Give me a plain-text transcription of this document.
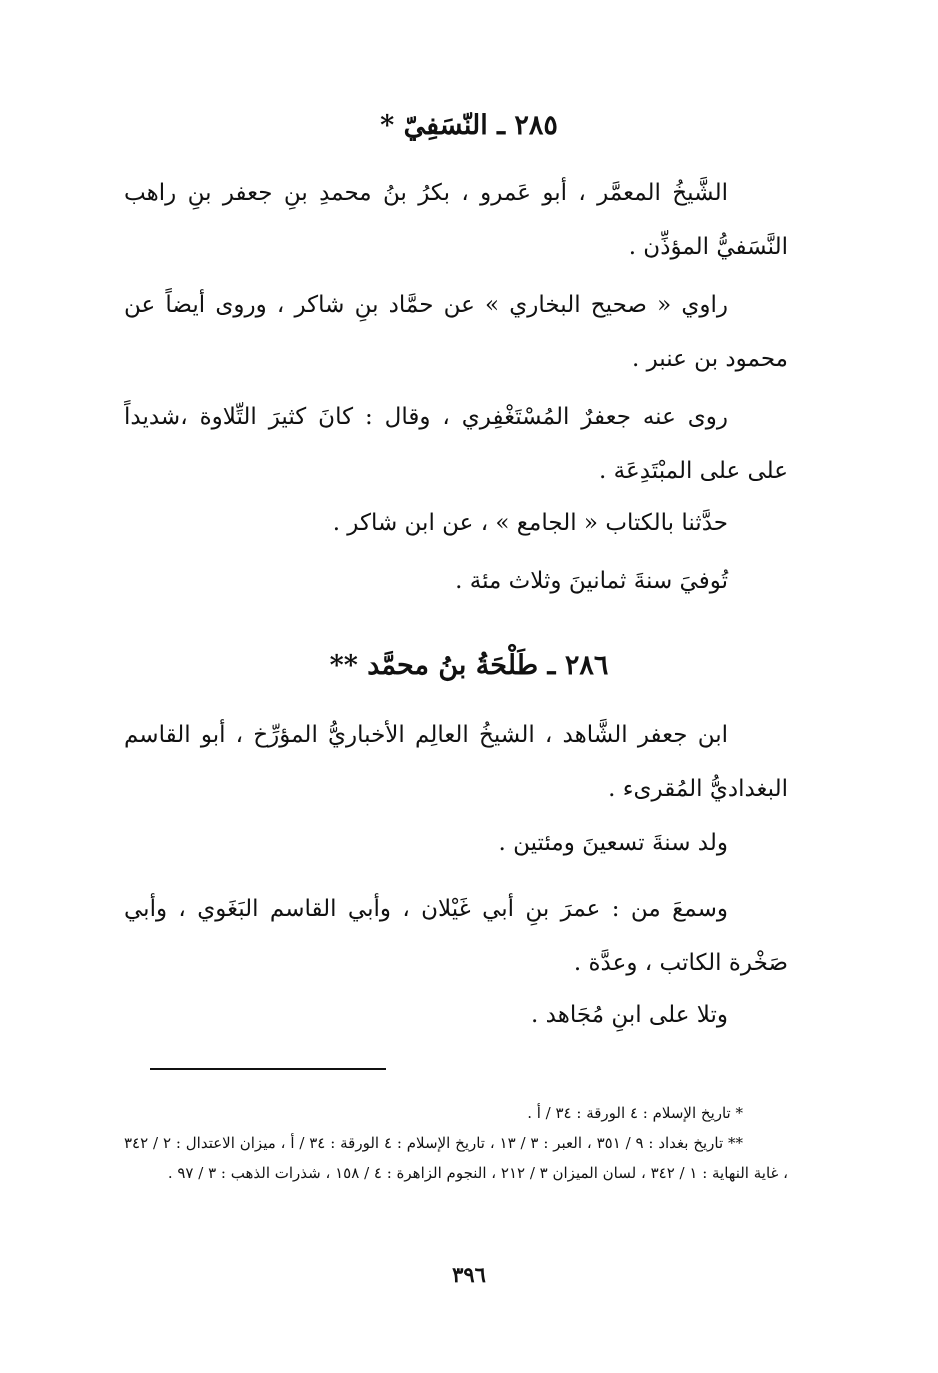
٢٨٥ ـ النّسَفِيّ *
الشَّيخُ المعمَّر ، أبو عَمرو ، بكرُ بنُ محمدِ بنِ جعفر بنِ راهب النَّسَفيُّ المؤذِّن .
راوي « صحيح البخاري » عن حمَّاد بنِ شاكر ، وروى أيضاً عن محمود بن عنبر .
روى عنه جعفرٌ المُسْتَغْفِري ، وقال : كانَ كثيرَ التِّلاوة ،شديداً على على المبْتَدِعَة .
حدَّثنا بالكتاب « الجامع » ، عن ابن شاكر .
تُوفيَ سنةَ ثمانينَ وثلاث مئة .
٢٨٦ ـ طَلْحَةُ بنُ محمَّد **
ابن جعفر الشَّاهد ، الشيخُ العالِم الأخباريُّ المؤرِّخ ، أبو القاسم البغداديُّ المُقرىء .
ولد سنةَ تسعينَ ومئتين .
وسمعَ من : عمرَ بنِ أبي غَيْلان ، وأبي القاسم البَغَوي ، وأبي صَخْرة الكاتب ، وعدَّة .
وتلا على ابنِ مُجَاهد .
* تاريخ الإسلام : ٤ الورقة : ٣٤ / أ .
** تاريخ بغداد : ٩ / ٣٥١ ، العبر : ٣ / ١٣ ، تاريخ الإسلام : ٤ الورقة : ٣٤ / أ ، ميزان الاعتدال : ٢ / ٣٤٢ ، غاية النهاية : ١ / ٣٤٢ ، لسان الميزان ٣ / ٢١٢ ، النجوم الزاهرة : ٤ / ١٥٨ ، شذرات الذهب : ٣ / ٩٧ .
٣٩٦
